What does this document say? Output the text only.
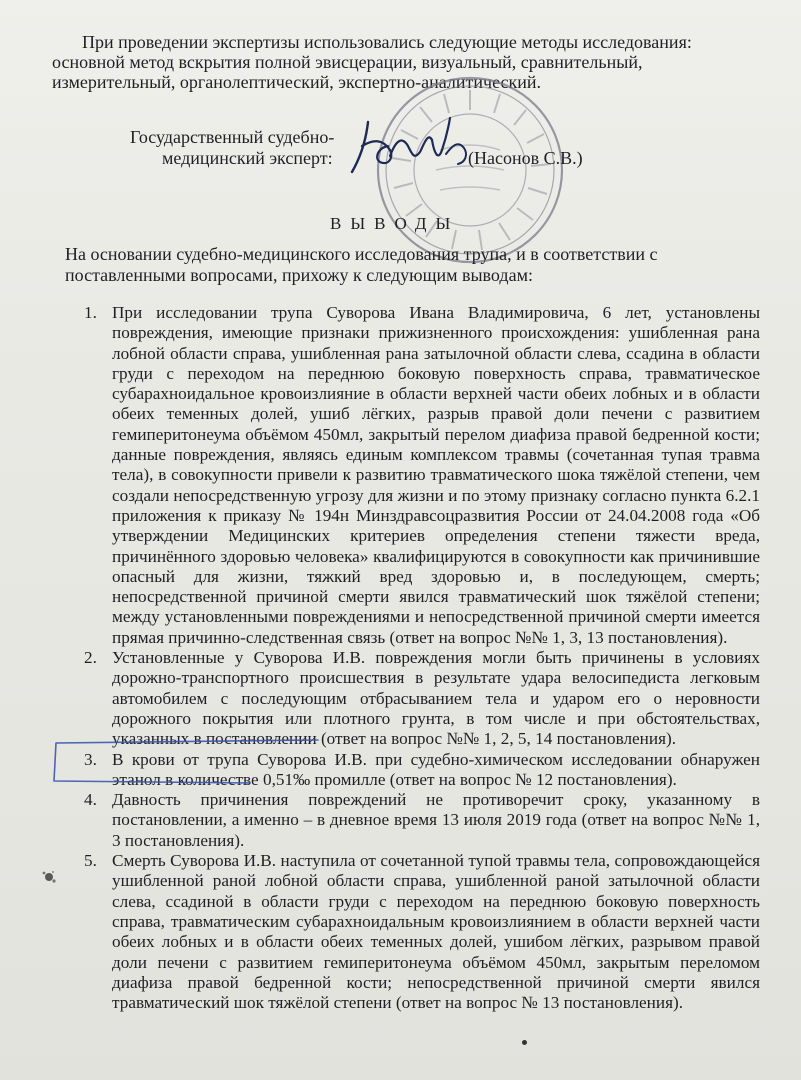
При проведении экспертизы использовались следующие методы исследования:

основной метод вскрытия полной эвисцерации, визуальный, сравнительный,

измерительный, органолептический, экспертно-аналитический.

Государственный судебно-
медицинский эксперт:	(Насонов С.В.)
ВЫВОДЫ

На основании судебно-медицинского исследования трупа, и в соответствии с

поставленными вопросами, прихожу к следующим выводам:

1. При исследовании трупа Суворова Ивана Владимировича, 6 лет, установлены повреждения, имеющие признаки прижизненного происхождения: ушибленная рана лобной области справа, ушибленная рана затылочной области слева, ссадина в области груди с переходом на переднюю боковую поверхность справа, травматическое субарахноидальное кровоизлияние в области верхней части обеих лобных и в области обеих теменных долей, ушиб лёгких, разрыв правой доли печени с развитием гемиперитонеума объёмом 450мл, закрытый перелом диафиза правой бедренной кости; данные повреждения, являясь единым комплексом травмы (сочетанная тупая травма тела), в совокупности привели к развитию травматического шока тяжёлой степени, чем создали непосредственную угрозу для жизни и по этому признаку согласно пункта 6.2.1 приложения к приказу № 194н Минздравсоцразвития России от 24.04.2008 года «Об утверждении Медицинских критериев определения степени тяжести вреда, причинённого здоровью человека» квалифицируются в совокупности как причинившие опасный для жизни, тяжкий вред здоровью и, в последующем, смерть; непосредственной причиной смерти явился травматический шок тяжёлой степени; между установленными повреждениями и непосредственной причиной смерти имеется прямая причинно-следственная связь (ответ на вопрос №№ 1, 3, 13 постановления).
2. Установленные у Суворова И.В. повреждения могли быть причинены в условиях дорожно-транспортного происшествия в результате удара велосипедиста легковым автомобилем с последующим отбрасыванием тела и ударом его о неровности дорожного покрытия или плотного грунта, в том числе и при обстоятельствах, указанных в постановлении (ответ на вопрос №№ 1, 2, 5, 14 постановления).
3. В крови от трупа Суворова И.В. при судебно-химическом исследовании обнаружен этанол в количестве 0,51‰ промилле (ответ на вопрос № 12 постановления).
4. Давность причинения повреждений не противоречит сроку, указанному в постановлении, а именно – в дневное время 13 июля 2019 года (ответ на вопрос №№ 1, 3 постановления).
5. Смерть Суворова И.В. наступила от сочетанной тупой травмы тела, сопровождающейся ушибленной раной лобной области справа, ушибленной раной затылочной области слева, ссадиной в области груди с переходом на переднюю боковую поверхность справа, травматическим субарахноидальным кровоизлиянием в области верхней части обеих лобных и в области обеих теменных долей, ушибом лёгких, разрывом правой доли печени с развитием гемиперитонеума объёмом 450мл, закрытым переломом диафиза правой бедренной кости; непосредственной причиной смерти явился травматический шок тяжёлой степени (ответ на вопрос № 13 постановления).
